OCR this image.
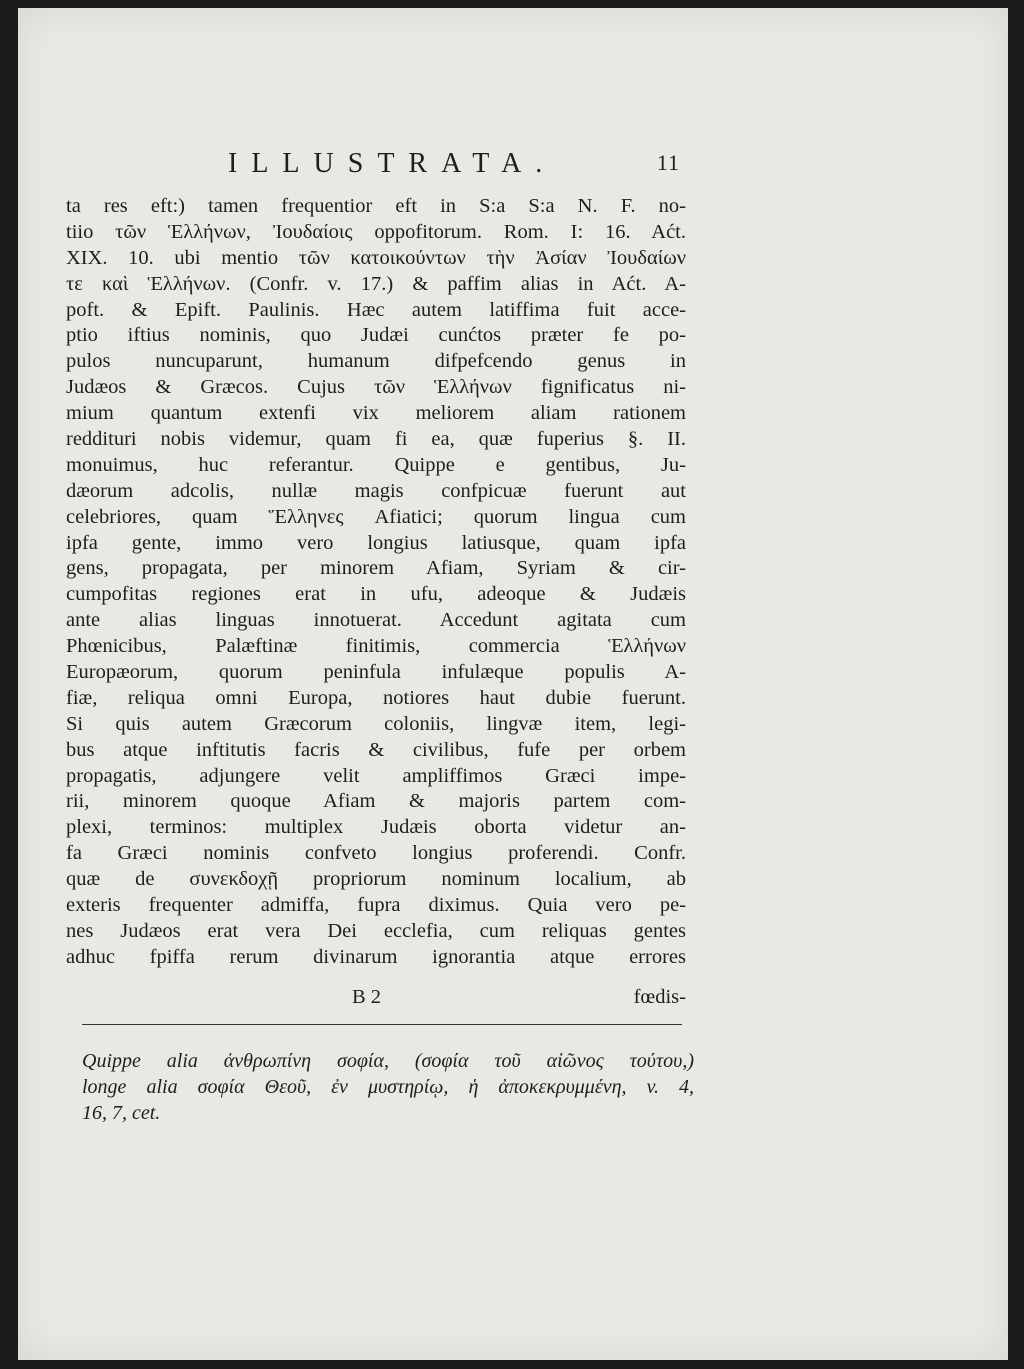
ILLUSTRATA.	11
ta res eft:) tamen frequentior eft in S:a S:a N. F. no-
tiio τῶν Ἑλλήνων, Ἰουδαίοις oppofitorum. Rom. I: 16. Aćt.
XIX. 10. ubi mentio τῶν κατοικούντων τὴν Ἀσίαν Ἰουδαίων
τε καὶ Ἑλλήνων. (Confr. v. 17.) & paffim alias in Aćt. A-
poft. & Epift. Paulinis. Hæc autem latiffima fuit acce-
ptio iftius nominis, quo Judæi cunćtos præter fe po-
pulos nuncuparunt, humanum difpefcendo genus in
Judæos & Græcos. Cujus τῶν Ἑλλήνων fignificatus ni-
mium quantum extenfi vix meliorem aliam rationem
reddituri nobis videmur, quam fi ea, quæ fuperius §. II.
monuimus, huc referantur. Quippe e gentibus, Ju-
dæorum adcolis, nullæ magis confpicuæ fuerunt aut
celebriores, quam Ἕλληνες Afiatici; quorum lingua cum
ipfa gente, immo vero longius latiusque, quam ipfa
gens, propagata, per minorem Afiam, Syriam & cir-
cumpofitas regiones erat in ufu, adeoque & Judæis
ante alias linguas innotuerat. Accedunt agitata cum
Phœnicibus, Palæftinæ finitimis, commercia Ἑλλήνων
Europæorum, quorum peninfula infulæque populis A-
fiæ, reliqua omni Europa, notiores haut dubie fuerunt.
Si quis autem Græcorum coloniis, lingvæ item, legi-
bus atque inftitutis facris & civilibus, fufe per orbem
propagatis, adjungere velit ampliffimos Græci impe-
rii, minorem quoque Afiam & majoris partem com-
plexi, terminos: multiplex Judæis oborta videtur an-
fa Græci nominis confveto longius proferendi. Confr.
quæ de συνεκδοχῇ propriorum nominum localium, ab
exteris frequenter admiffa, fupra diximus. Quia vero pe-
nes Judæos erat vera Dei ecclefia, cum reliquas gentes
adhuc fpiffa rerum divinarum ignorantia atque errores
B 2	fœdis-
Quippe alia ἀνθρωπίνη σοφία, (σοφία τοῦ αἰῶνος τούτου,)
longe alia σοφία Θεοῦ, ἐν μυστηρίῳ, ἡ ἀποκεκρυμμένη, v. 4,
16, 7, cet.
